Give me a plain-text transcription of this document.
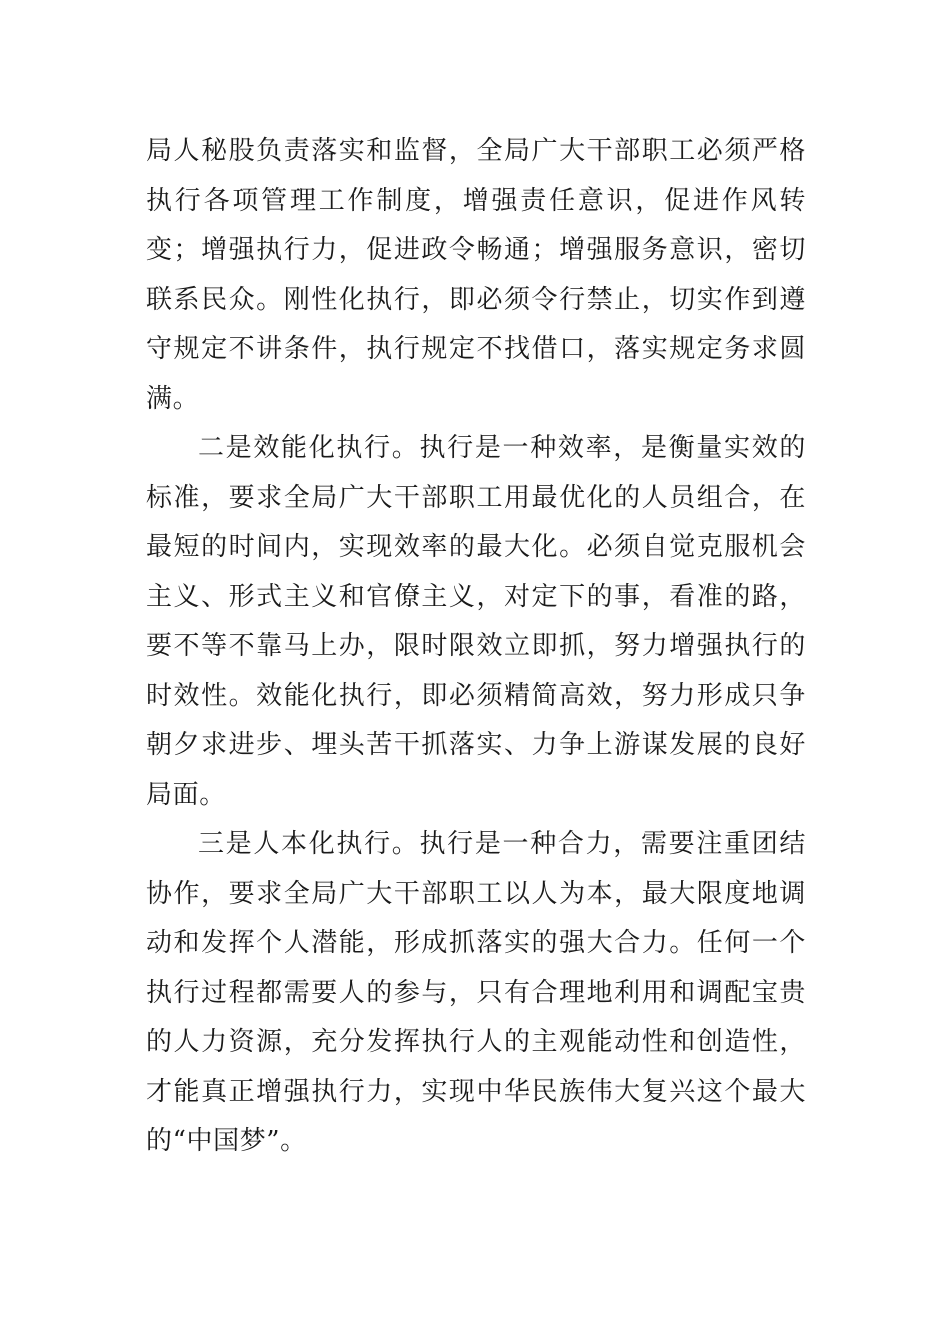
局人秘股负责落实和监督，全局广大干部职工必须严格执行各项管理工作制度，增强责任意识，促进作风转变；增强执行力，促进政令畅通；增强服务意识，密切联系民众。刚性化执行，即必须令行禁止，切实作到遵守规定不讲条件，执行规定不找借口，落实规定务求圆满。

二是效能化执行。执行是一种效率，是衡量实效的标准，要求全局广大干部职工用最优化的人员组合，在最短的时间内，实现效率的最大化。必须自觉克服机会主义、形式主义和官僚主义，对定下的事，看准的路，要不等不靠马上办，限时限效立即抓，努力增强执行的时效性。效能化执行，即必须精简高效，努力形成只争朝夕求进步、埋头苦干抓落实、力争上游谋发展的良好局面。

三是人本化执行。执行是一种合力，需要注重团结协作，要求全局广大干部职工以人为本，最大限度地调动和发挥个人潜能，形成抓落实的强大合力。任何一个执行过程都需要人的参与，只有合理地利用和调配宝贵的人力资源，充分发挥执行人的主观能动性和创造性，才能真正增强执行力，实现中华民族伟大复兴这个最大的“中国梦”。
